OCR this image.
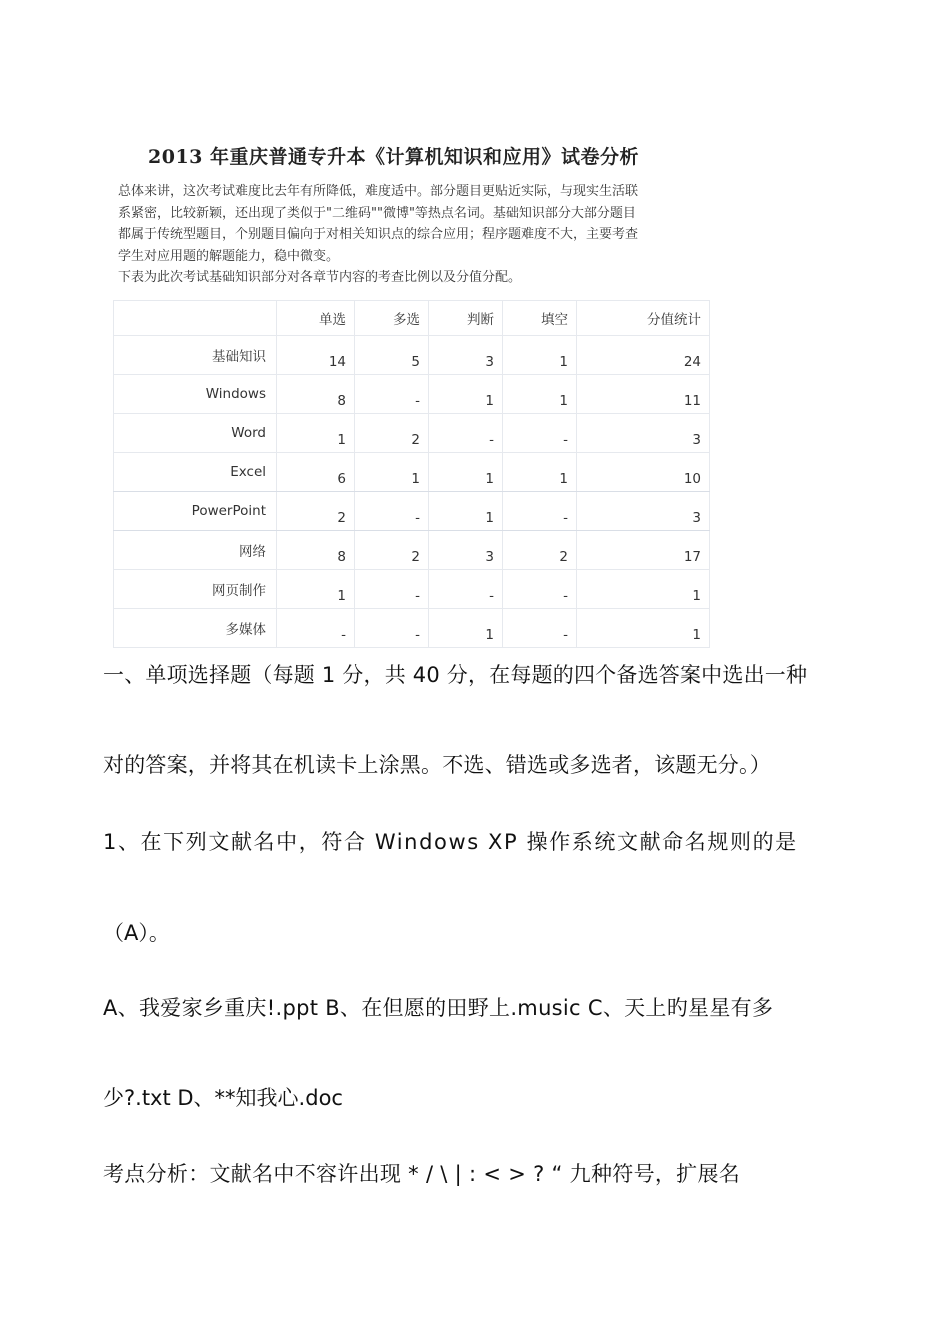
2013 年重庆普通专升本《计算机知识和应用》试卷分析

总体来讲，这次考试难度比去年有所降低，难度适中。部分题目更贴近实际，与现实生活联

系紧密，比较新颖，还出现了类似于"二维码""微博"等热点名词。基础知识部分大部分题目

都属于传统型题目，个别题目偏向于对相关知识点的综合应用；程序题难度不大，主要考查

学生对应用题的解题能力，稳中微变。

下表为此次考试基础知识部分对各章节内容的考查比例以及分值分配。

	单选	多选	判断	填空	分值统计
基础知识	14	5	3	1	24
Windows	8	-	1	1	11
Word	1	2	-	-	3
Excel	6	1	1	1	10
PowerPoint	2	-	1	-	3
网络	8	2	3	2	17
网页制作	1	-	-	-	1
多媒体	-	-	1	-	1

一、单项选择题（每题 1 分，共 40 分，在每题的四个备选答案中选出一种

对的答案，并将其在机读卡上涂黑。不选、错选或多选者，该题无分。）

1、在下列文献名中，符合 Windows XP 操作系统文献命名规则的是

（A）。

A、我爱家乡重庆!.ppt B、在但愿的田野上.music C、天上旳星星有多

少?.txt D、**知我心.doc

考点分析：文献名中不容许出现 * / \ | : < > ? “ 九种符号，扩展名
